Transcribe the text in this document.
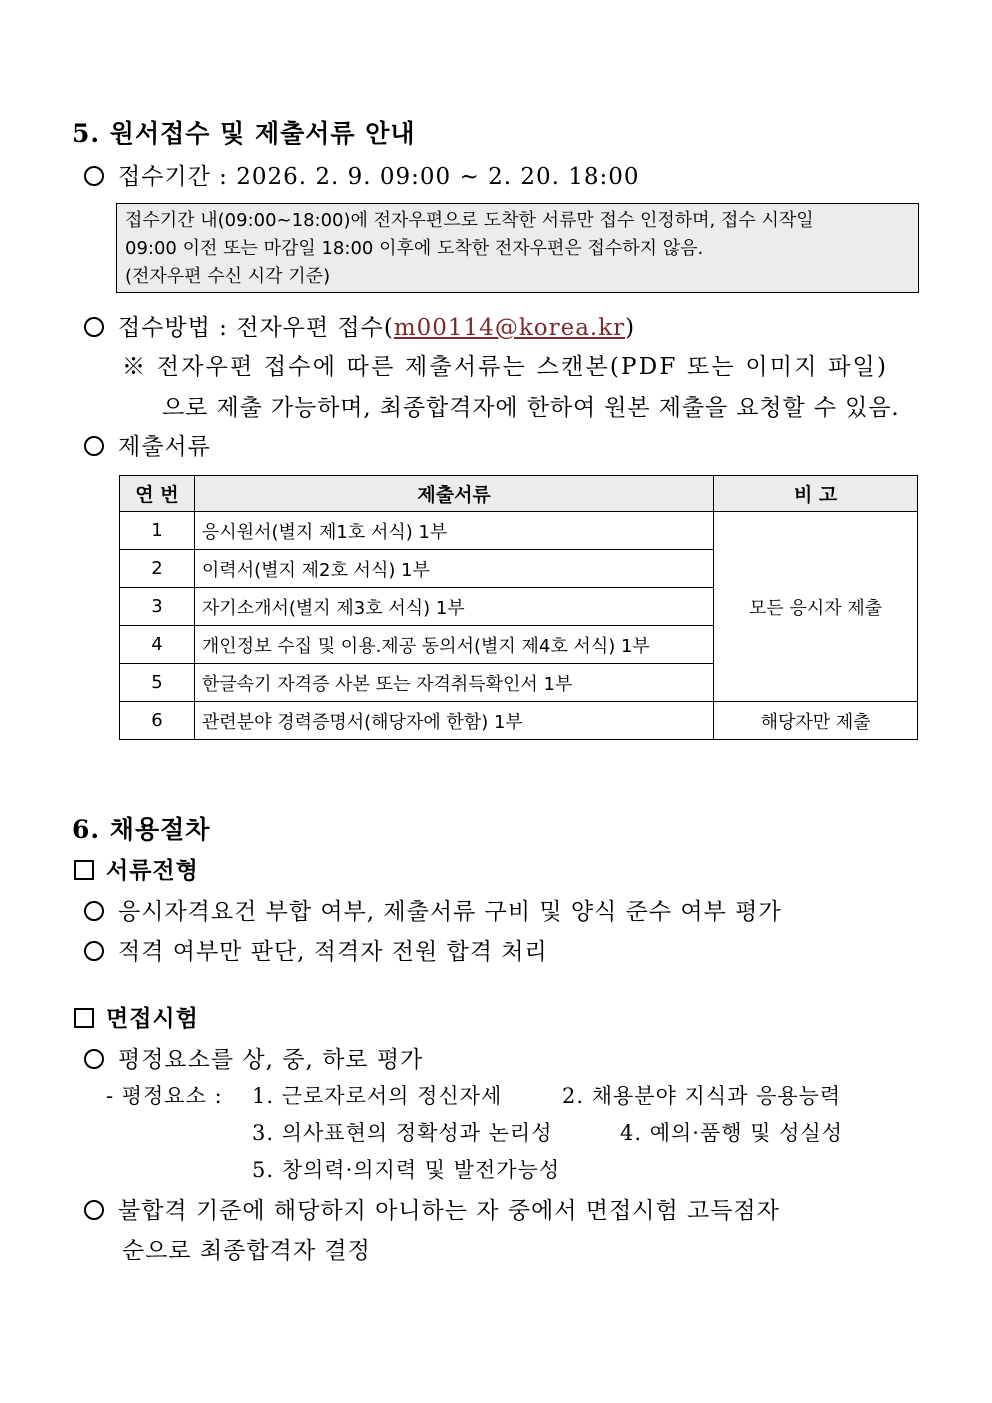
5. 원서접수 및 제출서류 안내
접수기간 : 2026. 2. 9. 09:00 ~ 2. 20. 18:00
접수기간 내(09:00~18:00)에 전자우편으로 도착한 서류만 접수 인정하며, 접수 시작일
09:00 이전 또는 마감일 18:00 이후에 도착한 전자우편은 접수하지 않음.
(전자우편 수신 시각 기준)
접수방법 : 전자우편 접수(m00114@korea.kr)
※ 전자우편 접수에 따른 제출서류는 스캔본(PDF 또는 이미지 파일)
으로 제출 가능하며, 최종합격자에 한하여 원본 제출을 요청할 수 있음.
제출서류
연 번	제출서류	비 고
1	응시원서(별지 제1호 서식) 1부	모든 응시자 제출
2	이력서(별지 제2호 서식) 1부	
3	자기소개서(별지 제3호 서식) 1부	
4	개인정보 수집 및 이용.제공 동의서(별지 제4호 서식) 1부	
5	한글속기 자격증 사본 또는 자격취득확인서 1부	
6	관련분야 경력증명서(해당자에 한함) 1부	해당자만 제출
6. 채용절차
서류전형
응시자격요건 부합 여부, 제출서류 구비 및 양식 준수 여부 평가
적격 여부만 판단, 적격자 전원 합격 처리
면접시험
평정요소를 상, 중, 하로 평가
- 평정요소 : 1. 근로자로서의 정신자세	2. 채용분야 지식과 응용능력
3. 의사표현의 정확성과 논리성	4. 예의·품행 및 성실성
5. 창의력·의지력 및 발전가능성
불합격 기준에 해당하지 아니하는 자 중에서 면접시험 고득점자
순으로 최종합격자 결정
